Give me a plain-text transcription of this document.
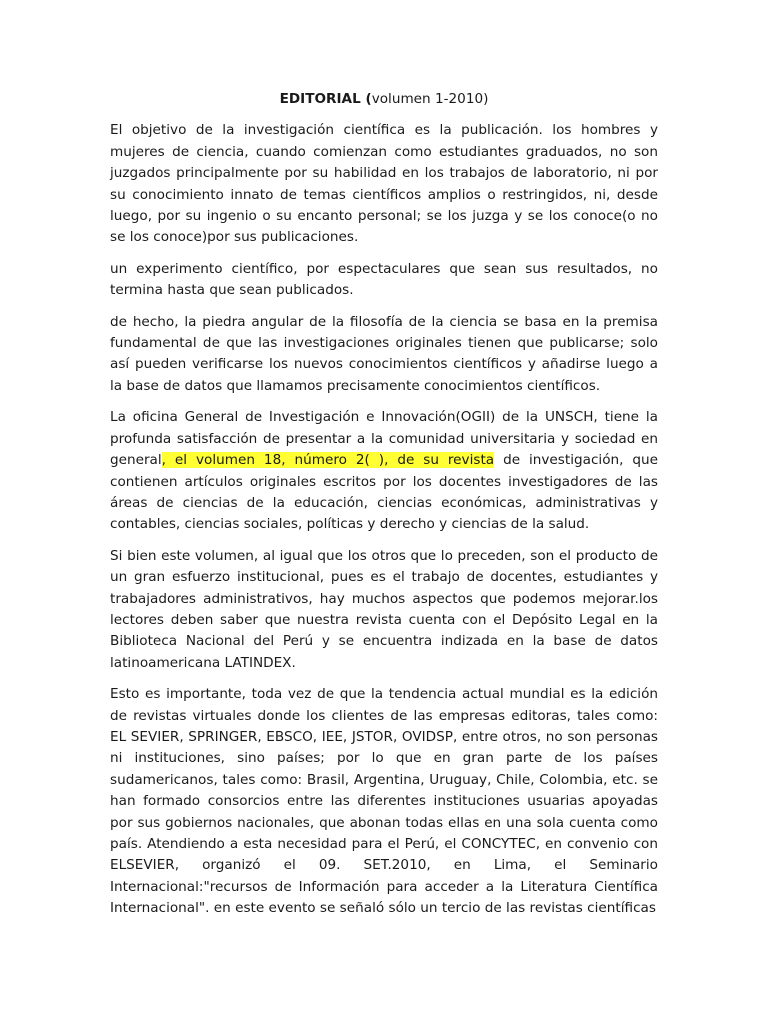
EDITORIAL (volumen 1-2010)

El objetivo de la investigación científica es la publicación. los hombres y mujeres de ciencia, cuando comienzan como estudiantes graduados, no son juzgados principalmente por su habilidad en los trabajos de laboratorio, ni por su conocimiento innato de temas científicos amplios o restringidos, ni, desde luego, por su ingenio o su encanto personal; se los juzga y se los conoce(o no se los conoce)por sus publicaciones.

un experimento científico, por espectaculares que sean sus resultados, no termina hasta que sean publicados.

de hecho, la piedra angular de la filosofía de la ciencia se basa en la premisa fundamental de que las investigaciones originales tienen que publicarse; solo así pueden verificarse los nuevos conocimientos científicos y añadirse luego a la base de datos que llamamos precisamente conocimientos científicos.

La oficina General de Investigación e Innovación(OGII) de la UNSCH, tiene la profunda satisfacción de presentar a la comunidad universitaria y sociedad en general, el volumen 18, número 2( ), de su revista de investigación, que contienen artículos originales escritos por los docentes investigadores de las áreas de ciencias de la educación, ciencias económicas, administrativas y contables, ciencias sociales, políticas y derecho y ciencias de la salud.

Si bien este volumen, al igual que los otros que lo preceden, son el producto de un gran esfuerzo institucional, pues es el trabajo de docentes, estudiantes y trabajadores administrativos, hay muchos aspectos que podemos mejorar.los lectores deben saber que nuestra revista cuenta con el Depósito Legal en la Biblioteca Nacional del Perú y se encuentra indizada en la base de datos latinoamericana LATINDEX.

Esto es importante, toda vez de que la tendencia actual mundial es la edición de revistas virtuales donde los clientes de las empresas editoras, tales como: EL SEVIER, SPRINGER, EBSCO, IEE, JSTOR, OVIDSP, entre otros, no son personas ni instituciones, sino países; por lo que en gran parte de los países sudamericanos, tales como: Brasil, Argentina, Uruguay, Chile, Colombia, etc. se han formado consorcios entre las diferentes instituciones usuarias apoyadas por sus gobiernos nacionales, que abonan todas ellas en una sola cuenta como país. Atendiendo a esta necesidad para el Perú, el CONCYTEC, en convenio con ELSEVIER, organizó el 09. SET.2010, en Lima, el Seminario Internacional:"recursos de Información para acceder a la Literatura Científica Internacional". en este evento se señaló sólo un tercio de las revistas científicas
